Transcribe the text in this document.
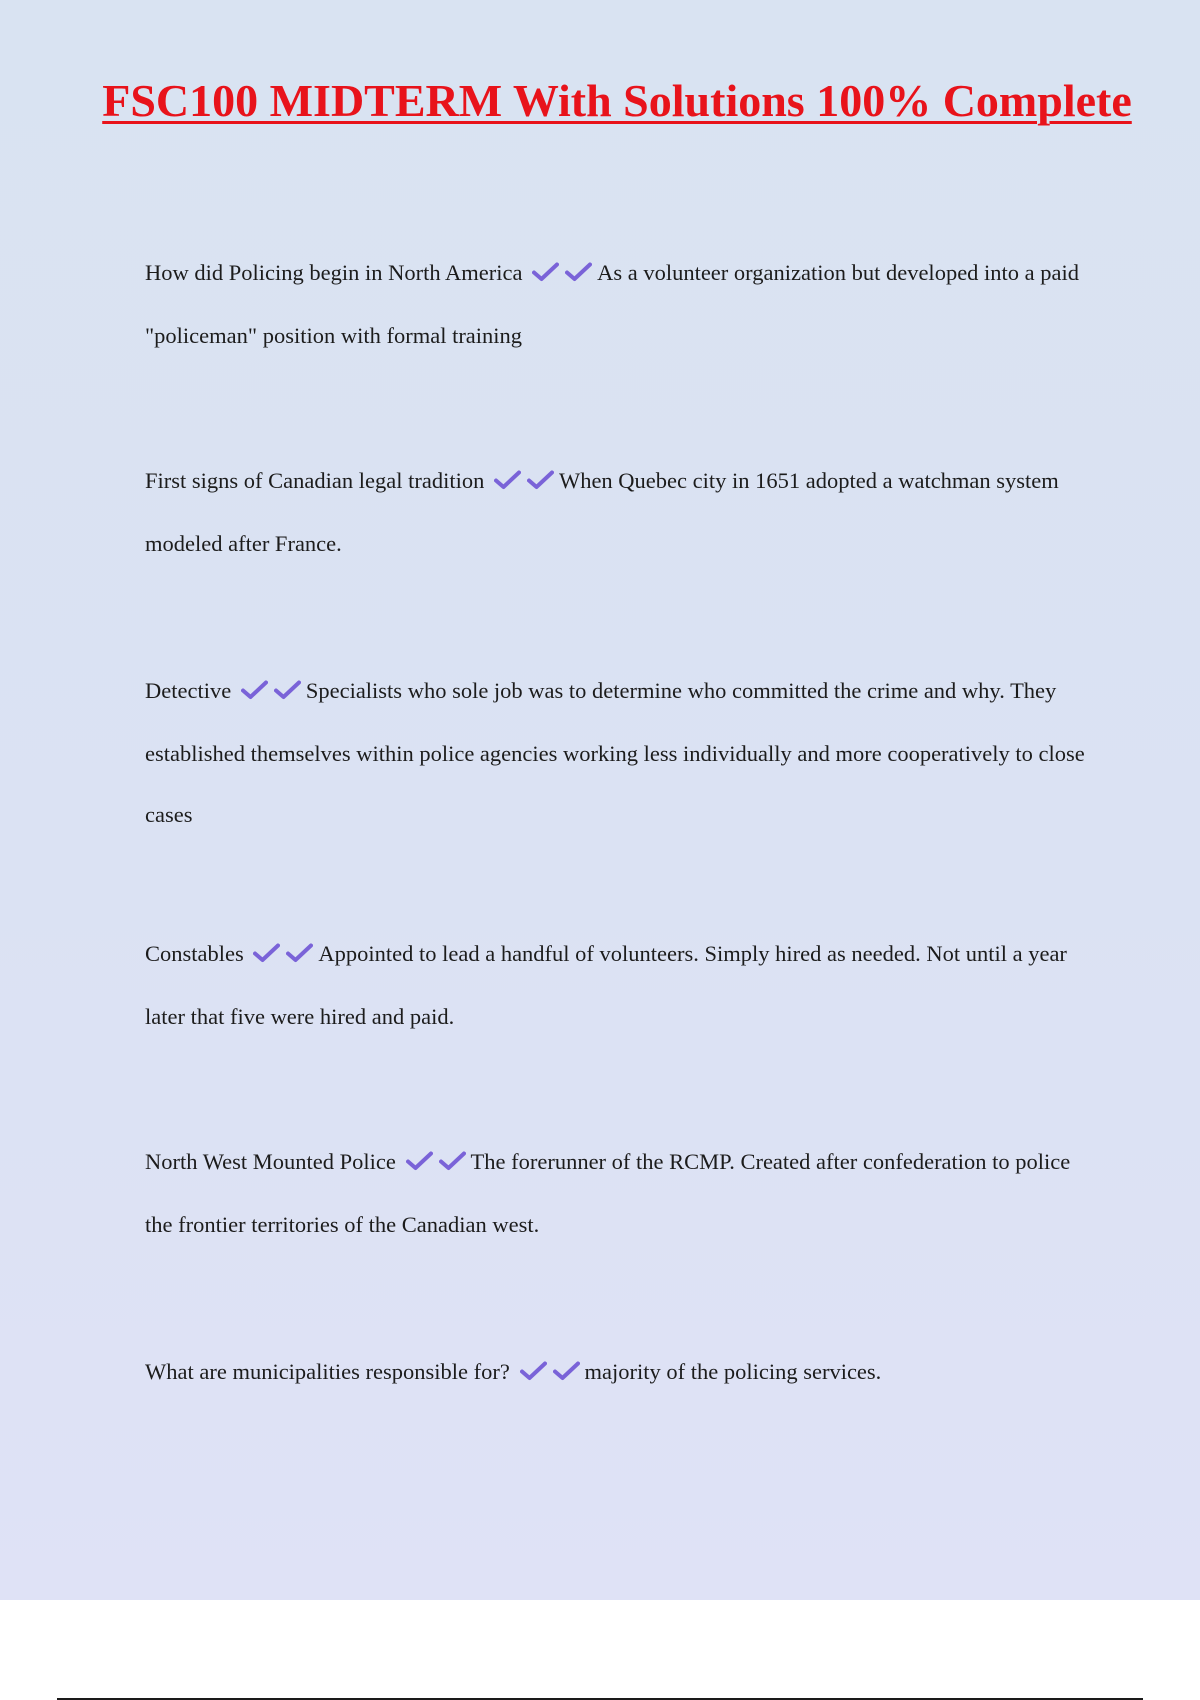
FSC100 MIDTERM With Solutions 100% Complete

How did Policing begin in North America	As a volunteer organization but developed into a paid "policeman" position with formal training

First signs of Canadian legal tradition	When Quebec city in 1651 adopted a watchman system modeled after France.

Detective	Specialists who sole job was to determine who committed the crime and why. They established themselves within police agencies working less individually and more cooperatively to close cases

Constables	Appointed to lead a handful of volunteers. Simply hired as needed. Not until a year later that five were hired and paid.

North West Mounted Police	The forerunner of the RCMP. Created after confederation to police the frontier territories of the Canadian west.

What are municipalities responsible for?	majority of the policing services.
